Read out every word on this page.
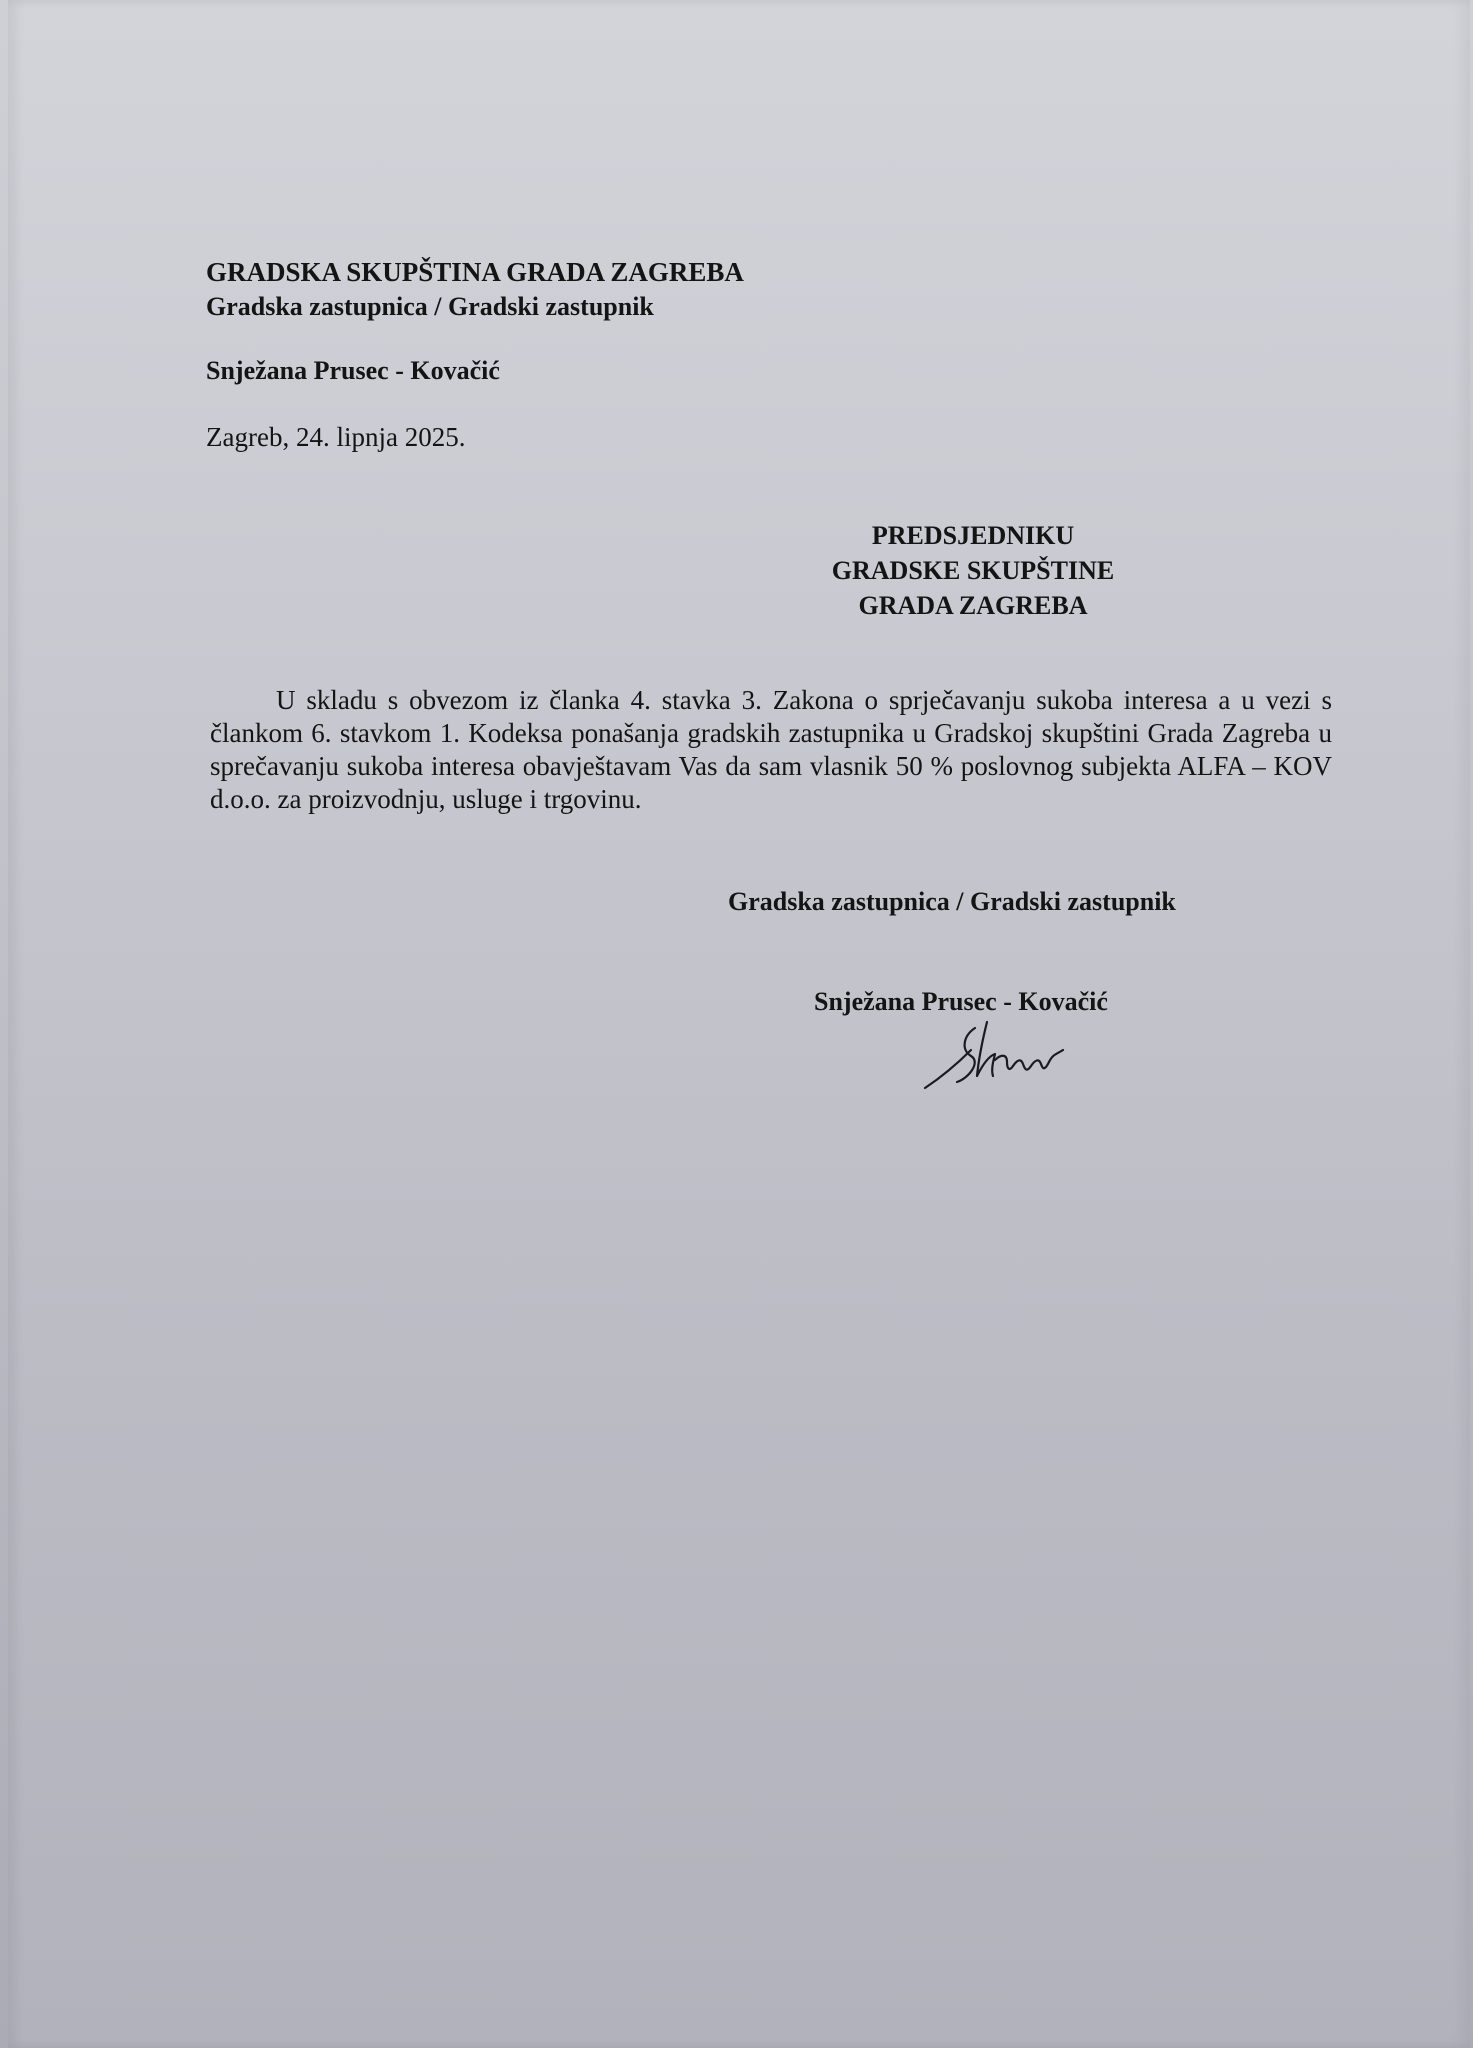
GRADSKA SKUPŠTINA GRADA ZAGREBA
Gradska zastupnica / Gradski zastupnik
Snježana Prusec - Kovačić
Zagreb, 24. lipnja 2025.
PREDSJEDNIKU
GRADSKE SKUPŠTINE
GRADA ZAGREBA

U skladu s obvezom iz članka 4. stavka 3. Zakona o sprječavanju sukoba interesa a u vezi s člankom 6. stavkom 1. Kodeksa ponašanja gradskih zastupnika u Gradskoj skupštini Grada Zagreba u sprečavanju sukoba interesa obavještavam Vas da sam vlasnik 50 % poslovnog subjekta ALFA – KOV d.o.o. za proizvodnju, usluge i trgovinu.

Gradska zastupnica / Gradski zastupnik
Snježana Prusec - Kovačić
